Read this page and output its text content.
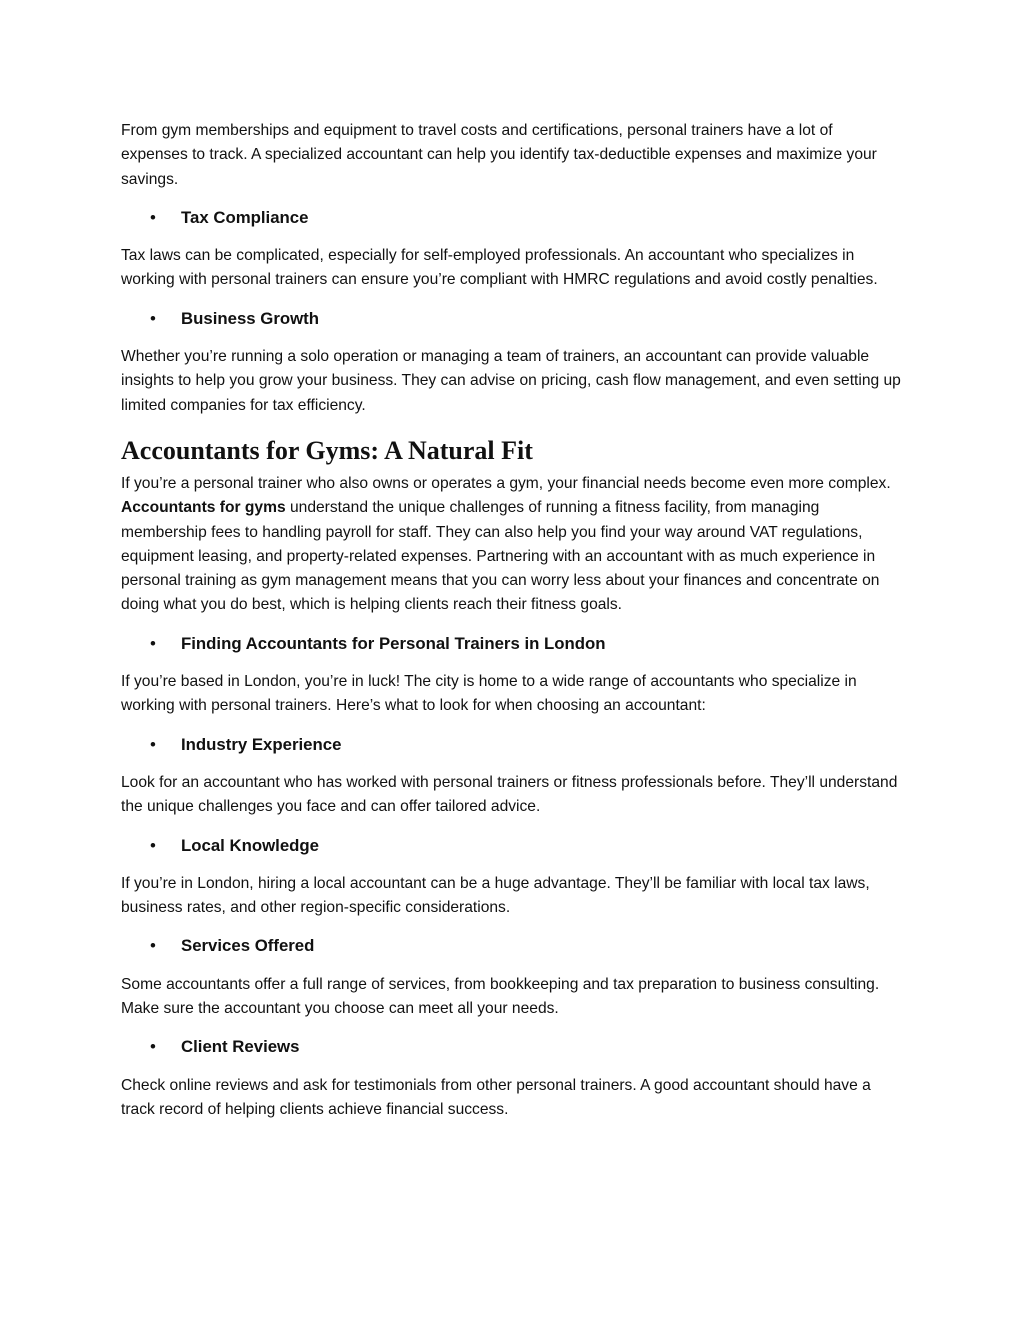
From gym memberships and equipment to travel costs and certifications, personal trainers have a lot of expenses to track. A specialized accountant can help you identify tax-deductible expenses and maximize your savings.

•	Tax Compliance

Tax laws can be complicated, especially for self-employed professionals. An accountant who specializes in working with personal trainers can ensure you’re compliant with HMRC regulations and avoid costly penalties.

•	Business Growth

Whether you’re running a solo operation or managing a team of trainers, an accountant can provide valuable insights to help you grow your business. They can advise on pricing, cash flow management, and even setting up limited companies for tax efficiency.

Accountants for Gyms: A Natural Fit

If you’re a personal trainer who also owns or operates a gym, your financial needs become even more complex. Accountants for gyms understand the unique challenges of running a fitness facility, from managing membership fees to handling payroll for staff. They can also help you find your way around VAT regulations, equipment leasing, and property-related expenses. Partnering with an accountant with as much experience in personal training as gym management means that you can worry less about your finances and concentrate on doing what you do best, which is helping clients reach their fitness goals.

•	Finding Accountants for Personal Trainers in London

If you’re based in London, you’re in luck! The city is home to a wide range of accountants who specialize in working with personal trainers. Here’s what to look for when choosing an accountant:

•	Industry Experience

Look for an accountant who has worked with personal trainers or fitness professionals before. They’ll understand the unique challenges you face and can offer tailored advice.

•	Local Knowledge

If you’re in London, hiring a local accountant can be a huge advantage. They’ll be familiar with local tax laws, business rates, and other region-specific considerations.

•	Services Offered

Some accountants offer a full range of services, from bookkeeping and tax preparation to business consulting. Make sure the accountant you choose can meet all your needs.

•	Client Reviews

Check online reviews and ask for testimonials from other personal trainers. A good accountant should have a track record of helping clients achieve financial success.
